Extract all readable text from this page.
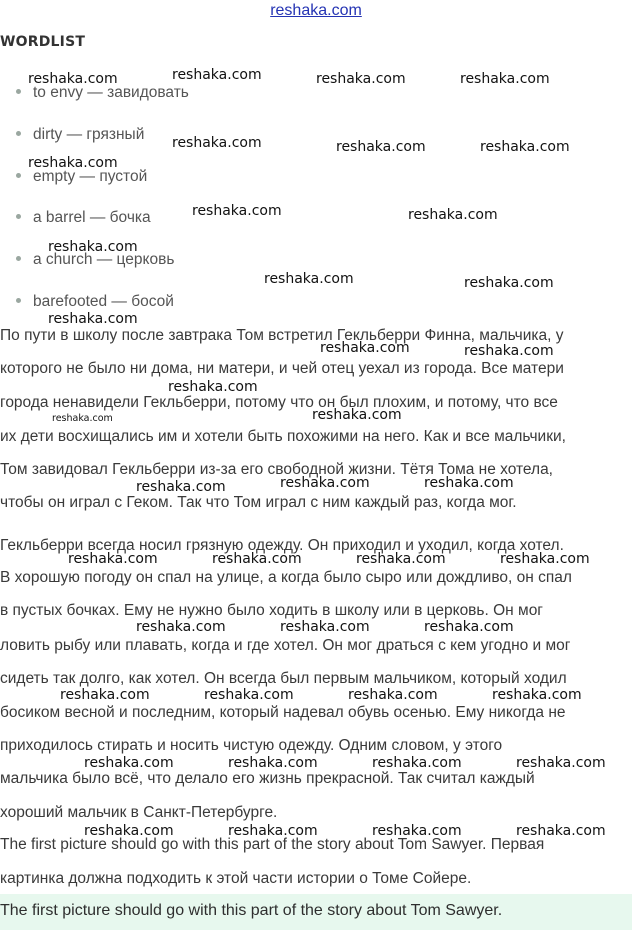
reshaka.com
WORDLIST
to envy — завидовать
dirty — грязный
empty — пустой
a barrel — бочка
a church — церковь
barefooted — босой
По пути в школу после завтрака Том встретил Гекльберри Финна, мальчика, у
которого не было ни дома, ни матери, и чей отец уехал из города. Все матери
города ненавидели Гекльберри, потому что он был плохим, и потому, что все
их дети восхищались им и хотели быть похожими на него. Как и все мальчики,
Том завидовал Гекльберри из-за его свободной жизни. Тётя Тома не хотела,
чтобы он играл с Геком. Так что Том играл с ним каждый раз, когда мог.
Гекльберри всегда носил грязную одежду. Он приходил и уходил, когда хотел.
В хорошую погоду он спал на улице, а когда было сыро или дождливо, он спал
в пустых бочках. Ему не нужно было ходить в школу или в церковь. Он мог
ловить рыбу или плавать, когда и где хотел. Он мог драться с кем угодно и мог
сидеть так долго, как хотел. Он всегда был первым мальчиком, который ходил
босиком весной и последним, который надевал обувь осенью. Ему никогда не
приходилось стирать и носить чистую одежду. Одним словом, у этого
мальчика было всё, что делало его жизнь прекрасной. Так считал каждый
хороший мальчик в Санкт-Петербурге.
The first picture should go with this part of the story about Tom Sawyer. Первая
картинка должна подходить к этой части истории о Томе Сойере.
The first picture should go with this part of the story about Tom Sawyer.
reshaka.com	reshaka.com	reshaka.com	reshaka.com
reshaka.com	reshaka.com	reshaka.com
reshaka.com
reshaka.com	reshaka.com
reshaka.com
reshaka.com	reshaka.com
reshaka.com
reshaka.com	reshaka.com
reshaka.com
reshaka.com	reshaka.com
reshaka.com	reshaka.com
reshaka.com
reshaka.com	reshaka.com	reshaka.com	reshaka.com
reshaka.com	reshaka.com	reshaka.com
reshaka.com	reshaka.com	reshaka.com	reshaka.com
reshaka.com	reshaka.com	reshaka.com	reshaka.com
reshaka.com	reshaka.com	reshaka.com	reshaka.com
